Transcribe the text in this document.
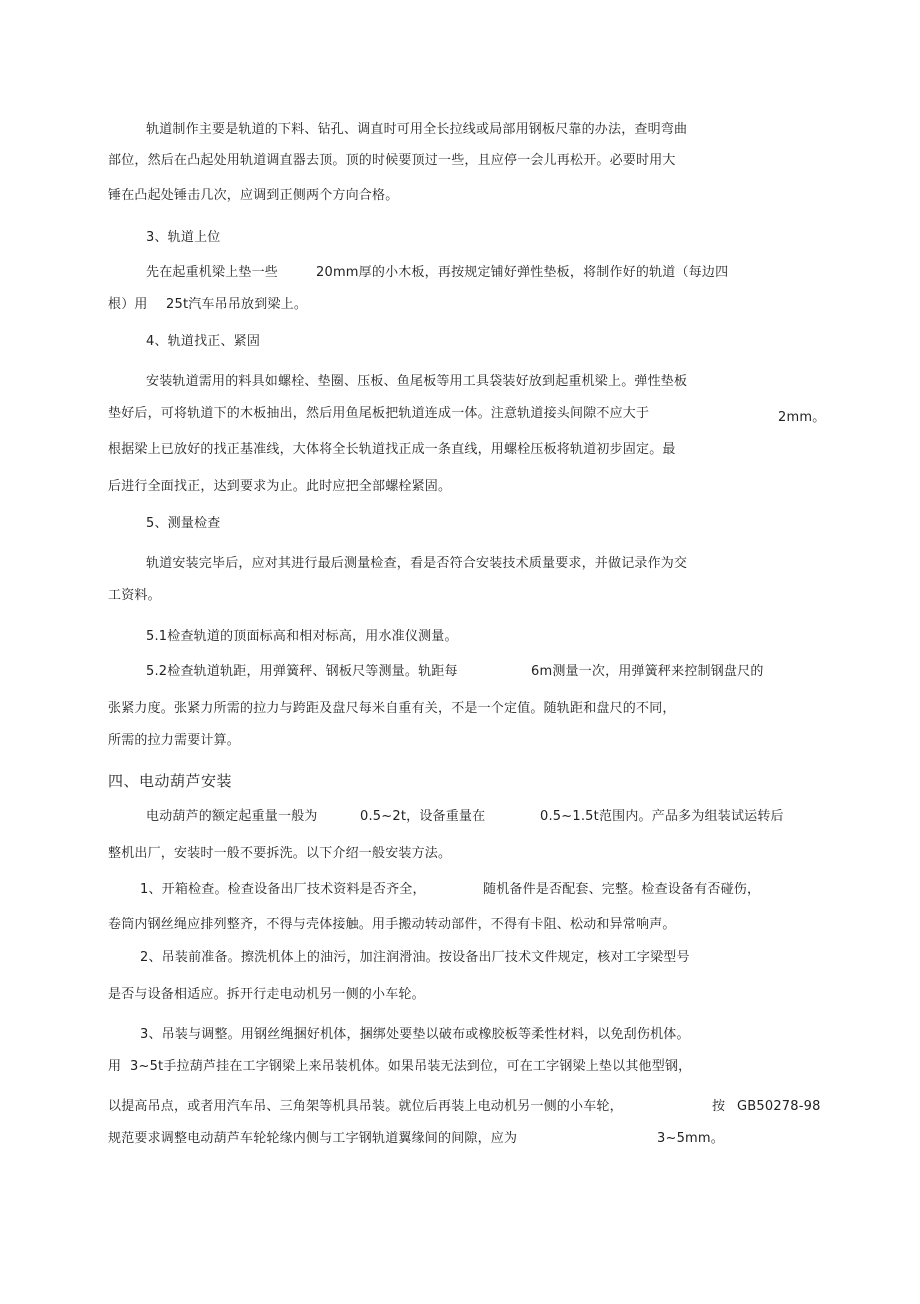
轨道制作主要是轨道的下料、钻孔、调直时可用全长拉线或局部用钢板尺靠的办法，查明弯曲
部位，然后在凸起处用轨道调直器去顶。顶的时候要顶过一些，且应停一会儿再松开。必要时用大
锤在凸起处锤击几次，应调到正侧两个方向合格。
3、轨道上位
先在起重机梁上垫一些	20mm厚的小木板，再按规定铺好弹性垫板，将制作好的轨道（每边四
根）用 25t汽车吊吊放到梁上。
4、轨道找正、紧固
安装轨道需用的料具如螺栓、垫圈、压板、鱼尾板等用工具袋装好放到起重机梁上。弹性垫板
垫好后，可将轨道下的木板抽出，然后用鱼尾板把轨道连成一体。注意轨道接头间隙不应大于	2mm。
根据梁上已放好的找正基准线，大体将全长轨道找正成一条直线，用螺栓压板将轨道初步固定。最
后进行全面找正，达到要求为止。此时应把全部螺栓紧固。
5、测量检查
轨道安装完毕后，应对其进行最后测量检查，看是否符合安装技术质量要求，并做记录作为交
工资料。
5.1检查轨道的顶面标高和相对标高，用水准仪测量。
5.2检查轨道轨距，用弹簧秤、钢板尺等测量。轨距每	6m测量一次，用弹簧秤来控制钢盘尺的
张紧力度。张紧力所需的拉力与跨距及盘尺每米自重有关，不是一个定值。随轨距和盘尺的不同，
所需的拉力需要计算。
四、电动葫芦安装
电动葫芦的额定起重量一般为	0.5~2t，设备重量在	0.5~1.5t范围内。产品多为组装试运转后
整机出厂，安装时一般不要拆洗。以下介绍一般安装方法。
1、开箱检查。检查设备出厂技术资料是否齐全，	随机备件是否配套、完整。检查设备有否碰伤，
卷筒内钢丝绳应排列整齐，不得与壳体接触。用手搬动转动部件，不得有卡阻、松动和异常响声。
2、吊装前准备。擦洗机体上的油污，加注润滑油。按设备出厂技术文件规定，核对工字梁型号
是否与设备相适应。拆开行走电动机另一侧的小车轮。
3、吊装与调整。用钢丝绳捆好机体，捆绑处要垫以破布或橡胶板等柔性材料，以免刮伤机体。
用 3~5t手拉葫芦挂在工字钢梁上来吊装机体。如果吊装无法到位，可在工字钢梁上垫以其他型钢，
以提高吊点，或者用汽车吊、三角架等机具吊装。就位后再装上电动机另一侧的小车轮，	按 GB50278-98
规范要求调整电动葫芦车轮轮缘内侧与工字钢轨道翼缘间的间隙，应为	3~5mm。
